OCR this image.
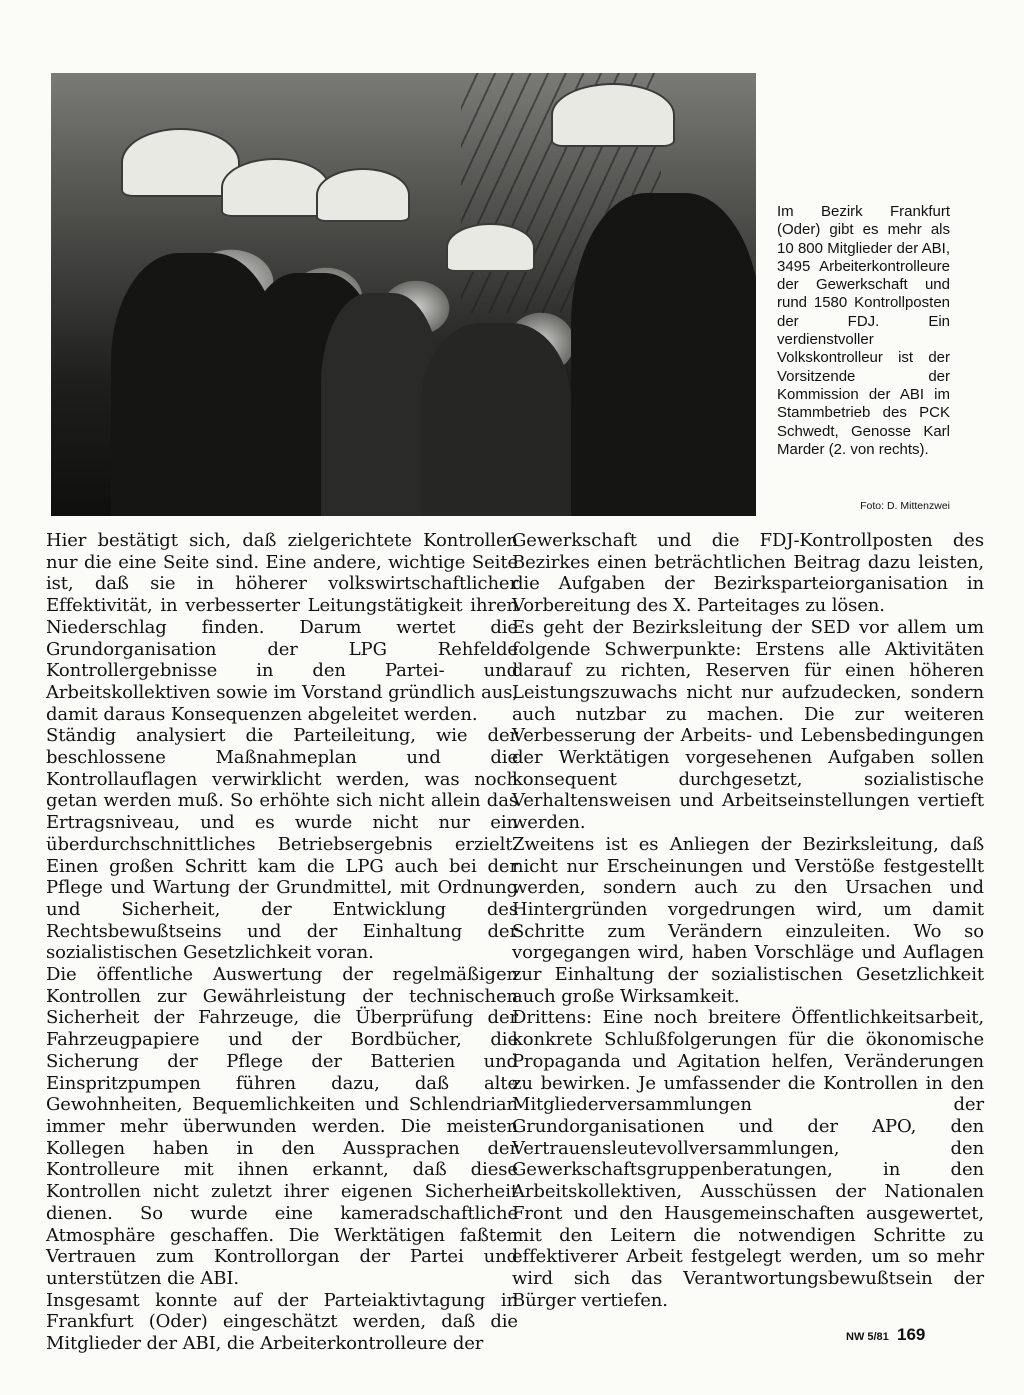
Im Bezirk Frankfurt (Oder) gibt es mehr als 10 800 Mitglieder der ABI, 3495 Arbeiterkontrolleure der Gewerkschaft und rund 1580 Kontrollposten der FDJ. Ein verdienstvoller Volkskontrolleur ist der Vorsitzende der Kommission der ABI im Stammbetrieb des PCK Schwedt, Genosse Karl Marder (2. von rechts).
Foto: D. Mittenzwei

Hier bestätigt sich, daß zielgerichtete Kontrollen nur die eine Seite sind. Eine andere, wichtige Seite ist, daß sie in höherer volkswirtschaftlicher Effektivität, in verbesserter Leitungstätigkeit ihren Niederschlag finden. Darum wertet die Grundorganisation der LPG Rehfelde Kontrollergebnisse in den Partei- und Arbeitskollektiven sowie im Vorstand gründlich aus, damit daraus Konsequenzen abgeleitet werden.

Ständig analysiert die Parteileitung, wie der beschlossene Maßnahmeplan und die Kontrollauflagen verwirklicht werden, was noch getan werden muß. So erhöhte sich nicht allein das Ertragsniveau, und es wurde nicht nur ein überdurchschnittliches Betriebsergebnis erzielt. Einen großen Schritt kam die LPG auch bei der Pflege und Wartung der Grundmittel, mit Ordnung und Sicherheit, der Entwicklung des Rechtsbewußtseins und der Einhaltung der sozialistischen Gesetzlichkeit voran.

Die öffentliche Auswertung der regelmäßigen Kontrollen zur Gewährleistung der technischen Sicherheit der Fahrzeuge, die Überprüfung der Fahrzeugpapiere und der Bordbücher, die Sicherung der Pflege der Batterien und Einspritzpumpen führen dazu, daß alte Gewohnheiten, Bequemlichkeiten und Schlendrian immer mehr überwunden werden. Die meisten Kollegen haben in den Aussprachen der Kontrolleure mit ihnen erkannt, daß diese Kontrollen nicht zuletzt ihrer eigenen Sicherheit dienen. So wurde eine kameradschaftliche Atmosphäre geschaffen. Die Werktätigen faßten Vertrauen zum Kontrollorgan der Partei und unterstützen die ABI.

Insgesamt konnte auf der Parteiaktivtagung in Frankfurt (Oder) eingeschätzt werden, daß die Mitglieder der ABI, die Arbeiterkontrolleure der

Gewerkschaft und die FDJ-Kontrollposten des Bezirkes einen beträchtlichen Beitrag dazu leisten, die Aufgaben der Bezirksparteiorganisation in Vorbereitung des X. Parteitages zu lösen.

Es geht der Bezirksleitung der SED vor allem um folgende Schwerpunkte: Erstens alle Aktivitäten darauf zu richten, Reserven für einen höheren Leistungszuwachs nicht nur aufzudecken, sondern auch nutzbar zu machen. Die zur weiteren Verbesserung der Arbeits- und Lebensbedingungen der Werktätigen vorgesehenen Aufgaben sollen konsequent durchgesetzt, sozialistische Verhaltensweisen und Arbeitseinstellungen vertieft werden.

Zweitens ist es Anliegen der Bezirksleitung, daß nicht nur Erscheinungen und Verstöße festgestellt werden, sondern auch zu den Ursachen und Hintergründen vorgedrungen wird, um damit Schritte zum Verändern einzuleiten. Wo so vorgegangen wird, haben Vorschläge und Auflagen zur Einhaltung der sozialistischen Gesetzlichkeit auch große Wirksamkeit.

Drittens: Eine noch breitere Öffentlichkeitsarbeit, konkrete Schlußfolgerungen für die ökonomische Propaganda und Agitation helfen, Veränderungen zu bewirken. Je umfassender die Kontrollen in den Mitgliederversammlungen der Grundorganisationen und der APO, den Vertrauensleutevollversammlungen, den Gewerkschaftsgruppenberatungen, in den Arbeitskollektiven, Ausschüssen der Nationalen Front und den Hausgemeinschaften ausgewertet, mit den Leitern die notwendigen Schritte zu effektiverer Arbeit festgelegt werden, um so mehr wird sich das Verantwortungsbewußtsein der Bürger vertiefen.

NW 5/81 169
